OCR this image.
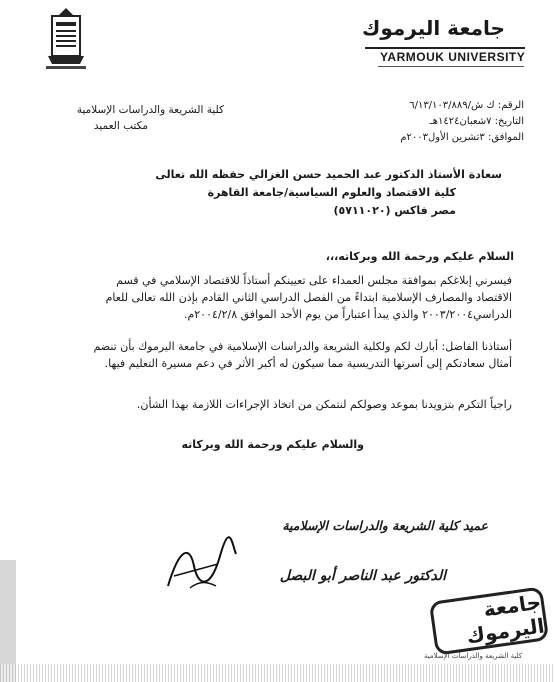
جامعة اليرموك
YARMOUK UNIVERSITY
كلية الشريعة والدراسات الإسلامية
مكتب العميد
الرقم: ك ش/٦/١٣/١٠٣/٨٨٩
التاريخ: ٧شعبان١٤٢٤هـ
الموافق: ٣تشرين الأول٢٠٠٣م
سعادة الأستاذ الدكتور عبد الحميد حسن الغزالي حفظه الله تعالى
كلية الاقتصاد والعلوم السياسية/جامعة القاهرة
مصر فاكس (٥٧١١٠٢٠)
السلام عليكم ورحمة الله وبركاته،،،
فيسرني إبلاغكم بموافقة مجلس العمداء على تعيينكم أستاذاً للاقتصاد الإسلامي في قسم
الاقتصاد والمصارف الإسلامية ابتداءً من الفصل الدراسي الثاني القادم بإذن الله تعالى للعام
الدراسي٢٠٠٣/٢٠٠٤ والذي يبدأ اعتباراً من يوم الأحد الموافق ٢٠٠٤/٢/٨م.
أستاذنا الفاضل: أبارك لكم ولكلية الشريعة والدراسات الإسلامية في جامعة اليرموك بأن تنضم
أمثال سعادتكم إلى أسرتها التدريسية مما سيكون له أكبر الأثر في دعم مسيرة التعليم فيها.
راجياً التكرم بتزويدنا بموعد وصولكم لنتمكن من اتخاذ الإجراءات اللازمة بهذا الشأن.
والسلام عليكم ورحمة الله وبركاته
عميد كلية الشريعة والدراسات الإسلامية
الدكتور عبد الناصر أبو البصل
جامعة اليرموك
كلية الشريعة والدراسات الإسلامية
